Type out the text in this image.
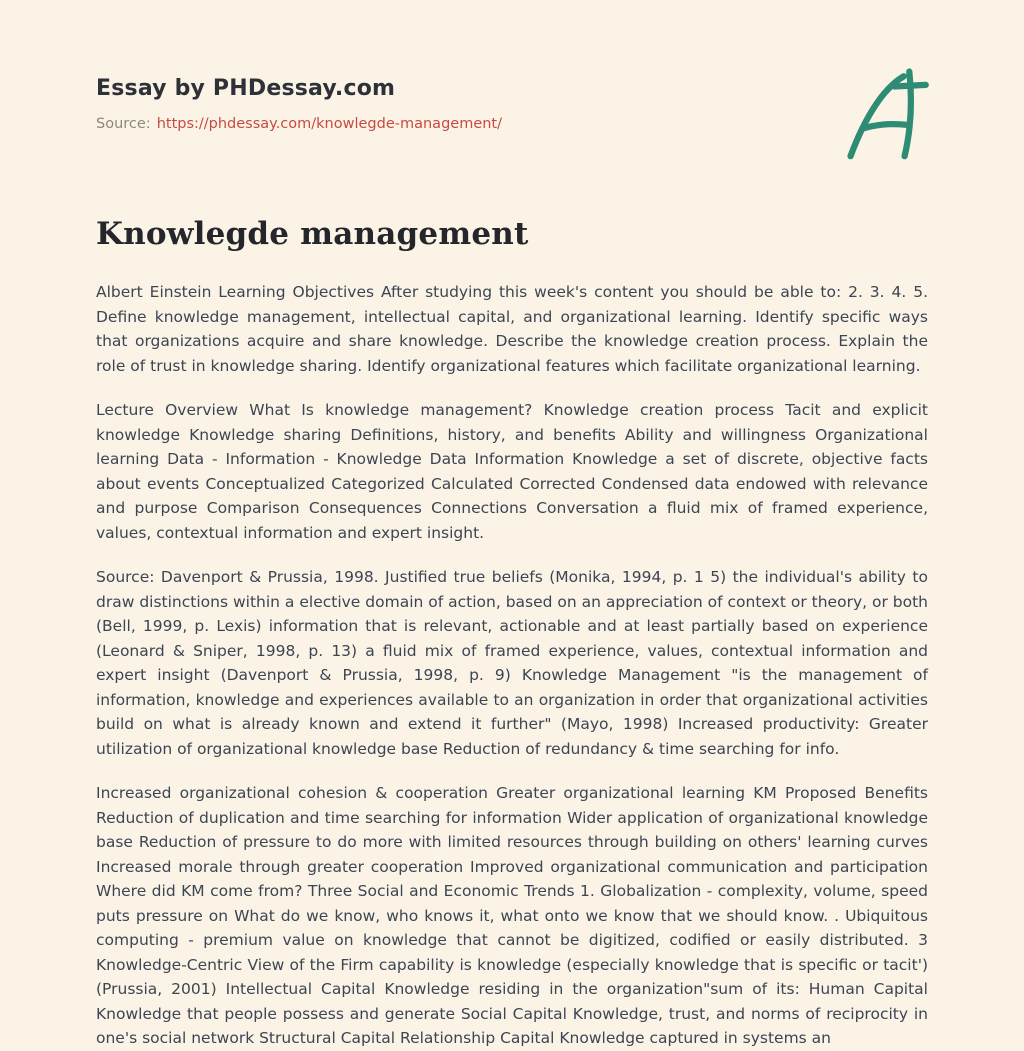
Essay by PHDessay.com
Source: https://phdessay.com/knowlegde-management/
Knowlegde management

Albert Einstein Learning Objectives After studying this week's content you should be able to: 2. 3. 4. 5. Define knowledge management, intellectual capital, and organizational learning. Identify specific ways that organizations acquire and share knowledge. Describe the knowledge creation process. Explain the role of trust in knowledge sharing. Identify organizational features which facilitate organizational learning.

Lecture Overview What Is knowledge management? Knowledge creation process Tacit and explicit knowledge Knowledge sharing Definitions, history, and benefits Ability and willingness Organizational learning Data - Information - Knowledge Data Information Knowledge a set of discrete, objective facts about events Conceptualized Categorized Calculated Corrected Condensed data endowed with relevance and purpose Comparison Consequences Connections Conversation a fluid mix of framed experience, values, contextual information and expert insight.

Source: Davenport & Prussia, 1998. Justified true beliefs (Monika, 1994, p. 1 5) the individual's ability to draw distinctions within a elective domain of action, based on an appreciation of context or theory, or both (Bell, 1999, p. Lexis) information that is relevant, actionable and at least partially based on experience (Leonard & Sniper, 1998, p. 13) a fluid mix of framed experience, values, contextual information and expert insight (Davenport & Prussia, 1998, p. 9) Knowledge Management "is the management of information, knowledge and experiences available to an organization in order that organizational activities build on what is already known and extend it further" (Mayo, 1998) Increased productivity: Greater utilization of organizational knowledge base Reduction of redundancy & time searching for info.

Increased organizational cohesion & cooperation Greater organizational learning KM Proposed Benefits Reduction of duplication and time searching for information Wider application of organizational knowledge base Reduction of pressure to do more with limited resources through building on others' learning curves Increased morale through greater cooperation Improved organizational communication and participation Where did KM come from? Three Social and Economic Trends 1. Globalization - complexity, volume, speed puts pressure on What do we know, who knows it, what onto we know that we should know. . Ubiquitous computing - premium value on knowledge that cannot be digitized, codified or easily distributed. 3 Knowledge-Centric View of the Firm capability is knowledge (especially knowledge that is specific or tacit') (Prussia, 2001) Intellectual Capital Knowledge residing in the organization"sum of its: Human Capital Knowledge that people possess and generate Social Capital Knowledge, trust, and norms of reciprocity in one's social network Structural Capital Relationship Capital Knowledge captured in systems an
